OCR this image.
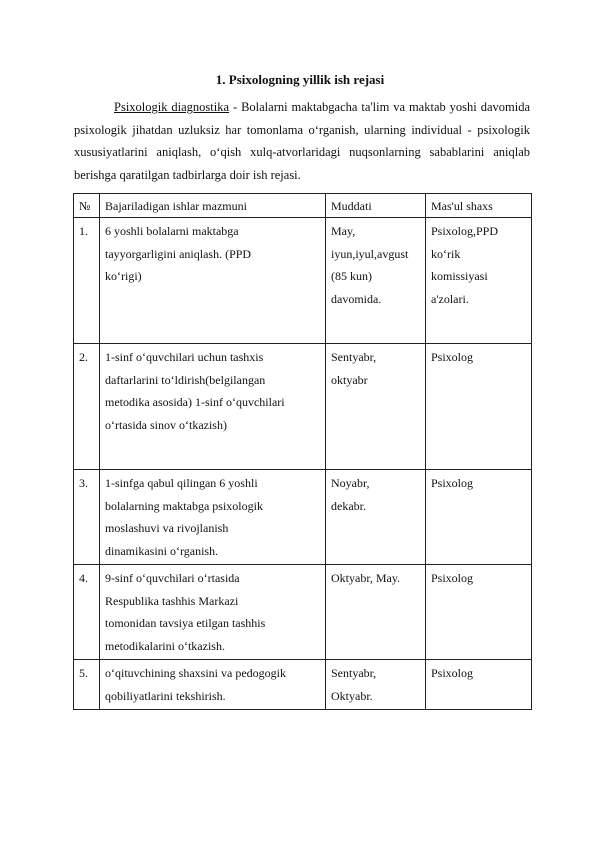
1. Psixologning yillik ish rejasi

Psixologik diagnostika - Bolalarni maktabgacha ta'lim va maktab yoshi davomida psixologik jihatdan uzluksiz har tomonlama o‘rganish, ularning individual - psixologik xususiyatlarini aniqlash, o‘qish xulq-atvorlaridagi nuqsonlarning sabablarini aniqlab berishga qaratilgan tadbirlarga doir ish rejasi.

№	Bajariladigan ishlar mazmuni	Muddati	Mas'ul shaxs
1.	6 yoshli bolalarni maktabga
tayyorgarligini aniqlash. (PPD
ko‘rigi)	May,
iyun,iyul,avgust
(85 kun)
davomida.	Psixolog,PPD
ko‘rik
komissiyasi
a'zolari.
2.	1-sinf o‘quvchilari uchun tashxis
daftarlarini to‘ldirish(belgilangan
metodika asosida) 1-sinf o‘quvchilari
o‘rtasida sinov o‘tkazish)	Sentyabr,
oktyabr	Psixolog
3.	1-sinfga qabul qilingan 6 yoshli
bolalarning maktabga psixologik
moslashuvi va rivojlanish
dinamikasini o‘rganish.	Noyabr,
dekabr.	Psixolog
4.	9-sinf o‘quvchilari o‘rtasida
Respublika tashhis Markazi
tomonidan tavsiya etilgan tashhis
metodikalarini o‘tkazish.	Oktyabr, May.	Psixolog
5.	o‘qituvchining shaxsini va pedogogik
qobiliyatlarini tekshirish.	Sentyabr,
Oktyabr.	Psixolog
